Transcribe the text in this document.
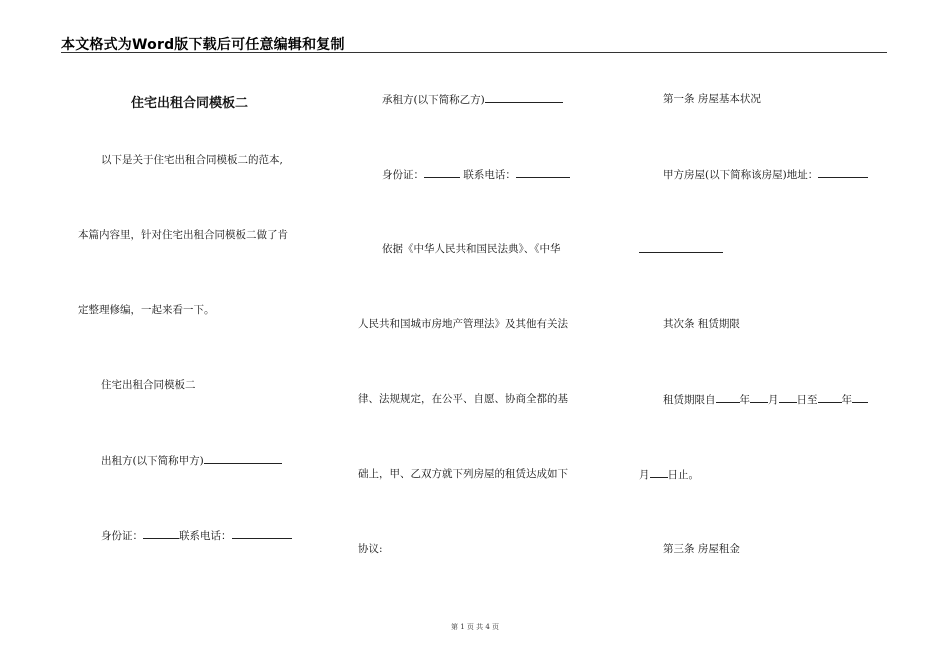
本文格式为Word版下载后可任意编辑和复制
住宅出租合同模板二
以下是关于住宅出租合同模板二的范本,
本篇内容里，针对住宅出租合同模板二做了肯
定整理修编，一起来看一下。
住宅出租合同模板二
出租方(以下简称甲方)
身份证：	联系电话：
承租方(以下简称乙方)
身份证：	联系电话：
依据《中华人民共和国民法典》、《中华
人民共和国城市房地产管理法》及其他有关法
律、法规规定，在公平、自愿、协商全都的基
础上，甲、乙双方就下列房屋的租赁达成如下
协议:
第一条 房屋基本状况
甲方房屋(以下简称该房屋)地址：
其次条 租赁期限
租赁期限自 年 月 日至 年
月 日止。
第三条 房屋租金
第 1 页 共 4 页
